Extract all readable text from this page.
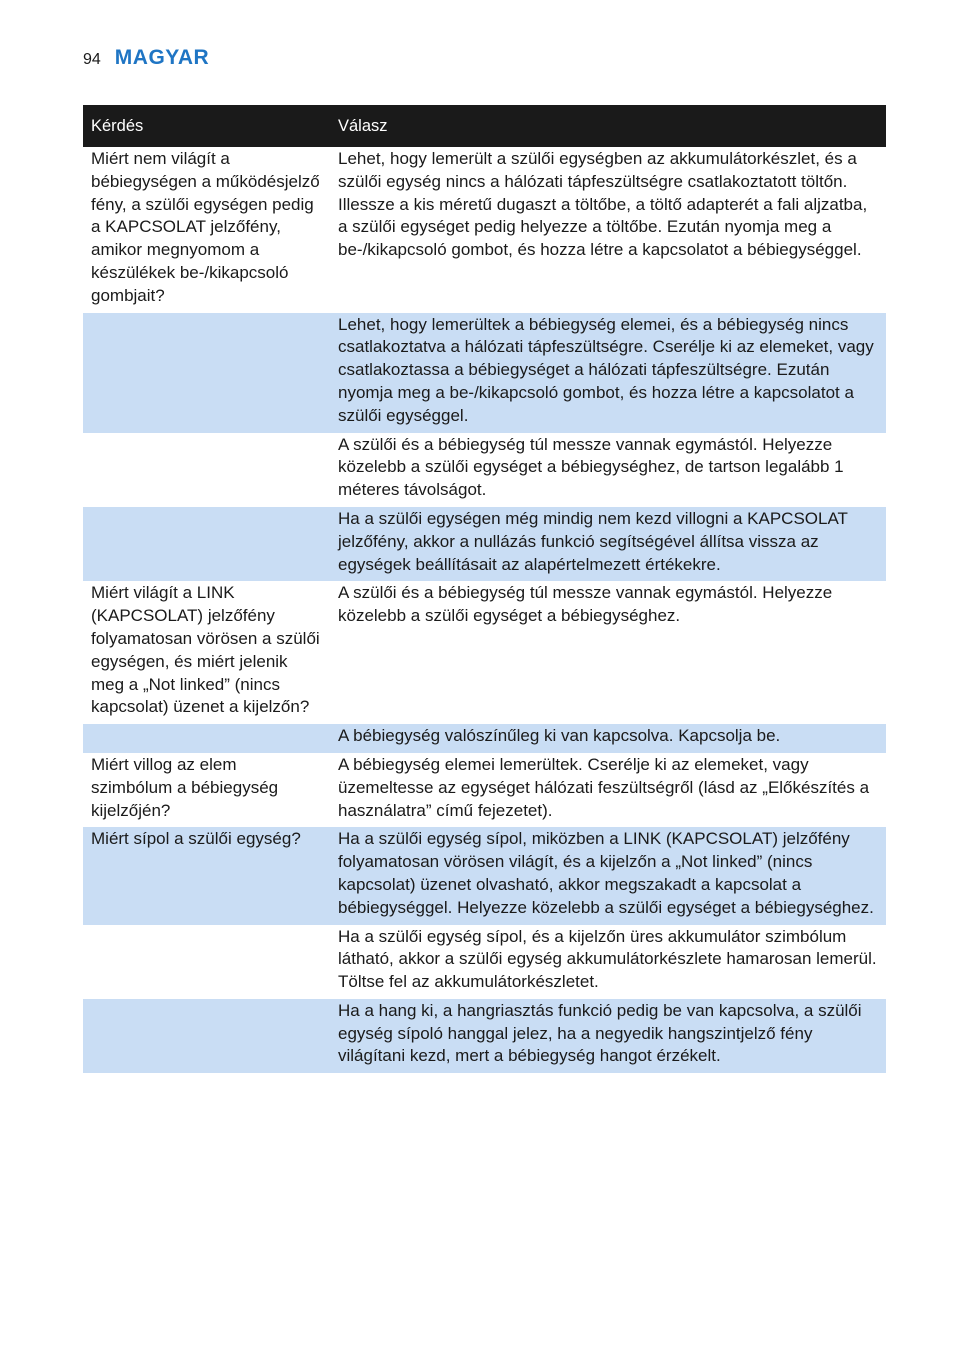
94 MAGYAR
Kérdés	Válasz
Miért nem világít a bébiegységen a működésjelző fény, a szülői egységen pedig a KAPCSOLAT jelzőfény, amikor megnyomom a készülékek be-/kikapcsoló gombjait?	Lehet, hogy lemerült a szülői egységben az akkumulátorkészlet, és a szülői egység nincs a hálózati tápfeszültségre csatlakoztatott töltőn. Illessze a kis méretű dugaszt a töltőbe, a töltő adapterét a fali aljzatba, a szülői egységet pedig helyezze a töltőbe. Ezután nyomja meg a be-/kikapcsoló gombot, és hozza létre a kapcsolatot a bébiegységgel.
	Lehet, hogy lemerültek a bébiegység elemei, és a bébiegység nincs csatlakoztatva a hálózati tápfeszültségre. Cserélje ki az elemeket, vagy csatlakoztassa a bébiegységet a hálózati tápfeszültségre. Ezután nyomja meg a be-/kikapcsoló gombot, és hozza létre a kapcsolatot a szülői egységgel.
	A szülői és a bébiegység túl messze vannak egymástól. Helyezze közelebb a szülői egységet a bébiegységhez, de tartson legalább 1 méteres távolságot.
	Ha a szülői egységen még mindig nem kezd villogni a KAPCSOLAT jelzőfény, akkor a nullázás funkció segítségével állítsa vissza az egységek beállításait az alapértelmezett értékekre.
Miért világít a LINK (KAPCSOLAT) jelzőfény folyamatosan vörösen a szülői egységen, és miért jelenik meg a „Not linked” (nincs kapcsolat) üzenet a kijelzőn?	A szülői és a bébiegység túl messze vannak egymástól. Helyezze közelebb a szülői egységet a bébiegységhez.
	A bébiegység valószínűleg ki van kapcsolva. Kapcsolja be.
Miért villog az elem szimbólum a bébiegység kijelzőjén?	A bébiegység elemei lemerültek. Cserélje ki az elemeket, vagy üzemeltesse az egységet hálózati feszültségről (lásd az „Előkészítés a használatra” című fejezetet).
Miért sípol a szülői egység?	Ha a szülői egység sípol, miközben a LINK (KAPCSOLAT) jelzőfény folyamatosan vörösen világít, és a kijelzőn a „Not linked” (nincs kapcsolat) üzenet olvasható, akkor megszakadt a kapcsolat a bébiegységgel. Helyezze közelebb a szülői egységet a bébiegységhez.
	Ha a szülői egység sípol, és a kijelzőn üres akkumulátor szimbólum látható, akkor a szülői egység akkumulátorkészlete hamarosan lemerül. Töltse fel az akkumulátorkészletet.
	Ha a hang ki, a hangriasztás funkció pedig be van kapcsolva, a szülői egység sípoló hanggal jelez, ha a negyedik hangszintjelző fény világítani kezd, mert a bébiegység hangot érzékelt.
